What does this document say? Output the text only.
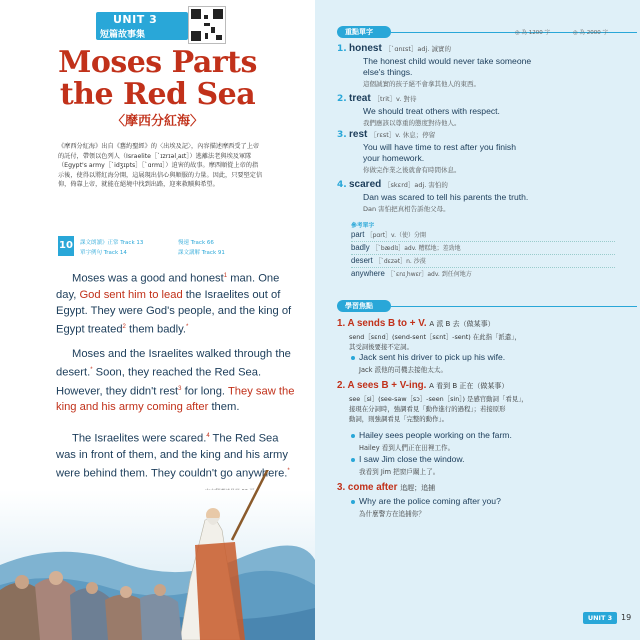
UNIT 3
短篇故事集
Moses Parts
the Red Sea
〈摩西分紅海〉
《摩西分紅海》出自《舊約聖經》的〈出埃及記〉，內容描述摩西受了上帝的託付，帶領以色列人（Israelite［ˋɪzrɪəl͵aɪt］）逃離法老與埃及軍隊（Egypt's army［ˋidʒɪpts］［ˋɑrmɪ］）迫害的故事。摩西順從上帝的指示後，使得以將紅海分開，這展現出信心與順服的力量。因此，只要堅定信仰，倚靠上帝，就能在絕境中找到出路，迎來救贖與希望。
10 課文朗讀》正常 Track 13	慢速 Track 66
單字例句 Track 14	課文講解 Track 91

Moses was a good and honest$^1$ man. One day, God sent him to lead the Israelites out of Egypt. They were God's people, and the king of Egypt treated$^2$ them badly.*

Moses and the Israelites walked through the desert.* Soon, they reached the Red Sea. However, they didn't rest$^3$ for long. They saw the king and his army coming after them.

The Israelites were scared.$^4$ The Red Sea was in front of them, and the king and his army were behind them. They couldn't go anywhere.*

重點單字	◎ 為 1200 字	◎ 為 2000 字
1. honest ［ˋɑnɪst］adj. 誠實的
The honest child would never take someone
else's things.
這個誠實的孩子絕不會拿其他人的東西。
2. treat ［trit］v. 對待
We should treat others with respect.
我們應該以尊重的態度對待他人。
3. rest ［rɛst］v. 休息；停留
You will have time to rest after you finish
your homework.
你做完作業之後就會有時間休息。
4. scared ［skɛrd］adj. 害怕的
Dan was scared to tell his parents the truth.
Dan 害怕把真相告訴他父母。
參考單字
part ［pɑrt］v.（使）分開
badly ［ˋbædlɪ］adv. 糟糕地；差勁地
desert ［ˋdɛzət］n. 沙漠
anywhere ［ˋɛnɪ͵hwɛr］adv. 到任何地方
學習焦點
1. A sends B to + V. A 派 B 去（做某事）
send［sɛnd］(send-sent［sɛnt］-sent) 在此指「派遣」，
其受詞後要接不定詞。
Jack sent his driver to pick up his wife.
Jack 派他的司機去接他太太。
2. A sees B + V-ing. A 看到 B 正在（做某事）
see［si］(see-saw［sɔ］-seen［sin］) 是感官動詞「看見」，
接現在分詞時，強調看見「動作進行的過程」；若接原形
動詞，則強調看見「完整的動作」。
Hailey sees people working on the farm.
Hailey 看到人們正在田裡工作。
I saw Jim close the window.
我看到 Jim 把窗戶關上了。
3. come after 追趕；追捕
Why are the police coming after you?
為什麼警方在追捕你？
UNIT 3	19
